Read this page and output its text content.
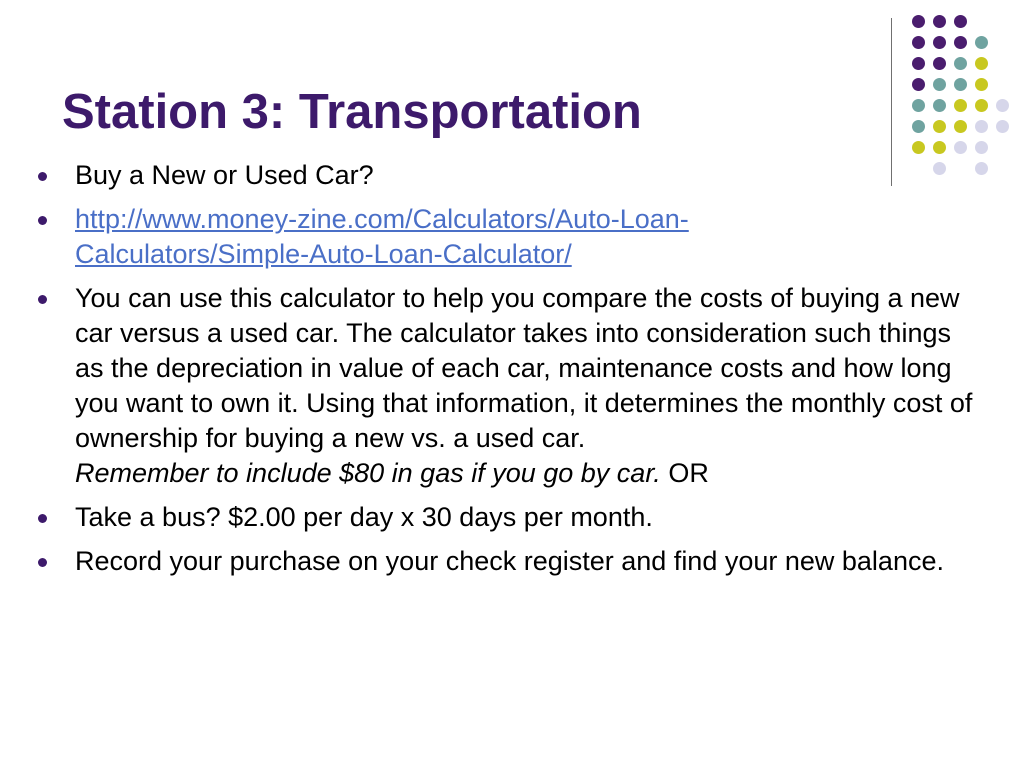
Station 3: Transportation
Buy a New or Used Car?
http://www.money-zine.com/Calculators/Auto-Loan-
Calculators/Simple-Auto-Loan-Calculator/
You can use this calculator to help you compare the costs of buying a new car versus a used car. The calculator takes into consideration such things as the depreciation in value of each car, maintenance costs and how long you want to own it. Using that information, it determines the monthly cost of ownership for buying a new vs. a used car.
Remember to include $80 in gas if you go by car. OR
Take a bus? $2.00 per day x 30 days per month.
Record your purchase on your check register and find your new balance.
